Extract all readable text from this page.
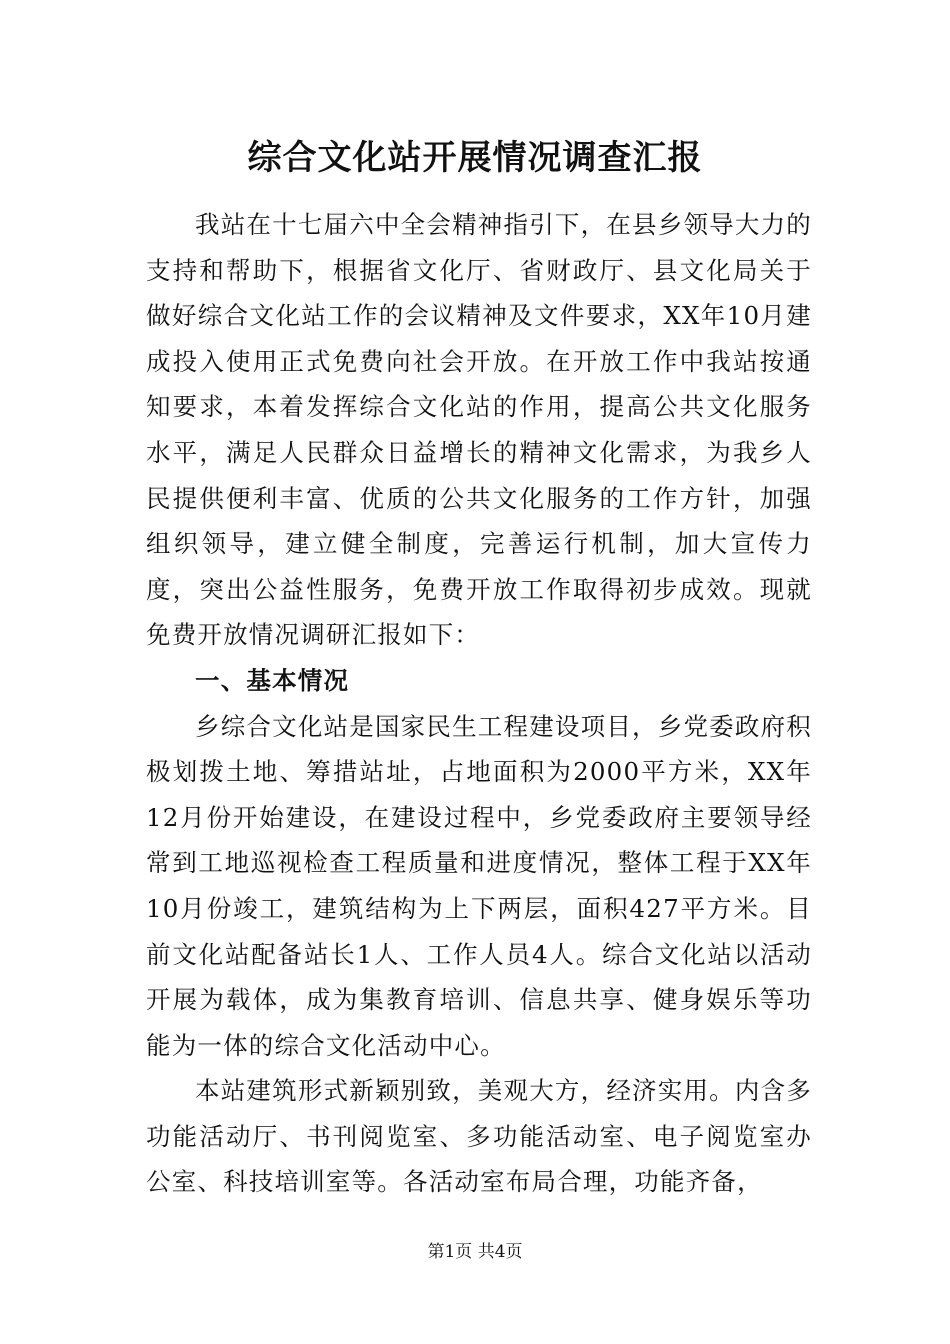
综合文化站开展情况调查汇报

我站在十七届六中全会精神指引下，在县乡领导大力的支持和帮助下，根据省文化厅、省财政厅、县文化局关于做好综合文化站工作的会议精神及文件要求，XX年10月建成投入使用正式免费向社会开放。在开放工作中我站按通知要求，本着发挥综合文化站的作用，提高公共文化服务水平，满足人民群众日益增长的精神文化需求，为我乡人民提供便利丰富、优质的公共文化服务的工作方针，加强组织领导，建立健全制度，完善运行机制，加大宣传力度，突出公益性服务，免费开放工作取得初步成效。现就免费开放情况调研汇报如下：

一、基本情况

乡综合文化站是国家民生工程建设项目，乡党委政府积极划拨土地、筹措站址，占地面积为2000平方米，XX年12月份开始建设，在建设过程中，乡党委政府主要领导经常到工地巡视检查工程质量和进度情况，整体工程于XX年10月份竣工，建筑结构为上下两层，面积427平方米。目前文化站配备站长1人、工作人员4人。综合文化站以活动开展为载体，成为集教育培训、信息共享、健身娱乐等功能为一体的综合文化活动中心。

本站建筑形式新颖别致，美观大方，经济实用。内含多功能活动厅、书刊阅览室、多功能活动室、电子阅览室办公室、科技培训室等。各活动室布局合理，功能齐备，

第1页 共4页
